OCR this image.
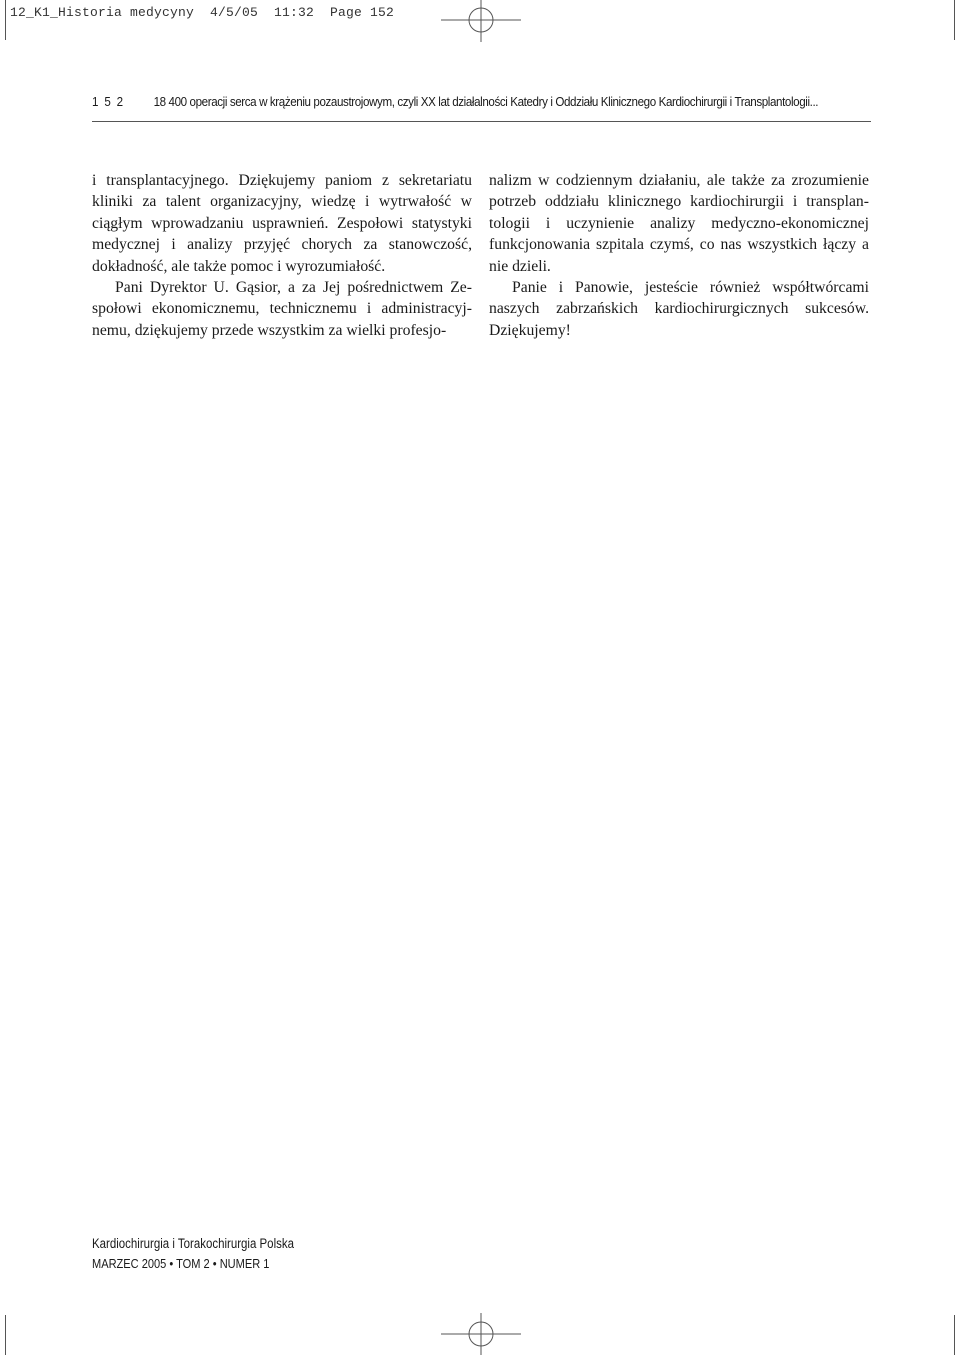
12_K1_Historia medycyny  4/5/05  11:32  Page 152
1 5 2 18 400 operacji serca w krążeniu pozaustrojowym, czyli XX lat działalności Katedry i Oddziału Klinicznego Kardiochirurgii i Transplantologii...

i transplantacyjnego. Dziękujemy paniom z sekretariatu kliniki za talent organizacyjny, wiedzę i wytrwałość w ciągłym wprowadzaniu usprawnień. Zespołowi statystyki medycznej i analizy przyjęć chorych za stanowczość, dokładność, ale także pomoc i wyrozumiałość.

Pani Dyrektor U. Gąsior, a za Jej pośrednictwem Zespołowi ekonomicznemu, technicznemu i administracyjnemu, dziękujemy przede wszystkim za wielki profesjo-

nalizm w codziennym działaniu, ale także za zrozumienie potrzeb oddziału klinicznego kardiochirurgii i transplantologii i uczynienie analizy medyczno-ekonomicznej funkcjonowania szpitala czymś, co nas wszystkich łączy a nie dzieli.

Panie i Panowie, jesteście również współtwórcami naszych zabrzańskich kardiochirurgicznych sukcesów. Dziękujemy!

Kardiochirurgia i Torakochirurgia Polska
MARZEC 2005 • TOM 2 • NUMER 1
